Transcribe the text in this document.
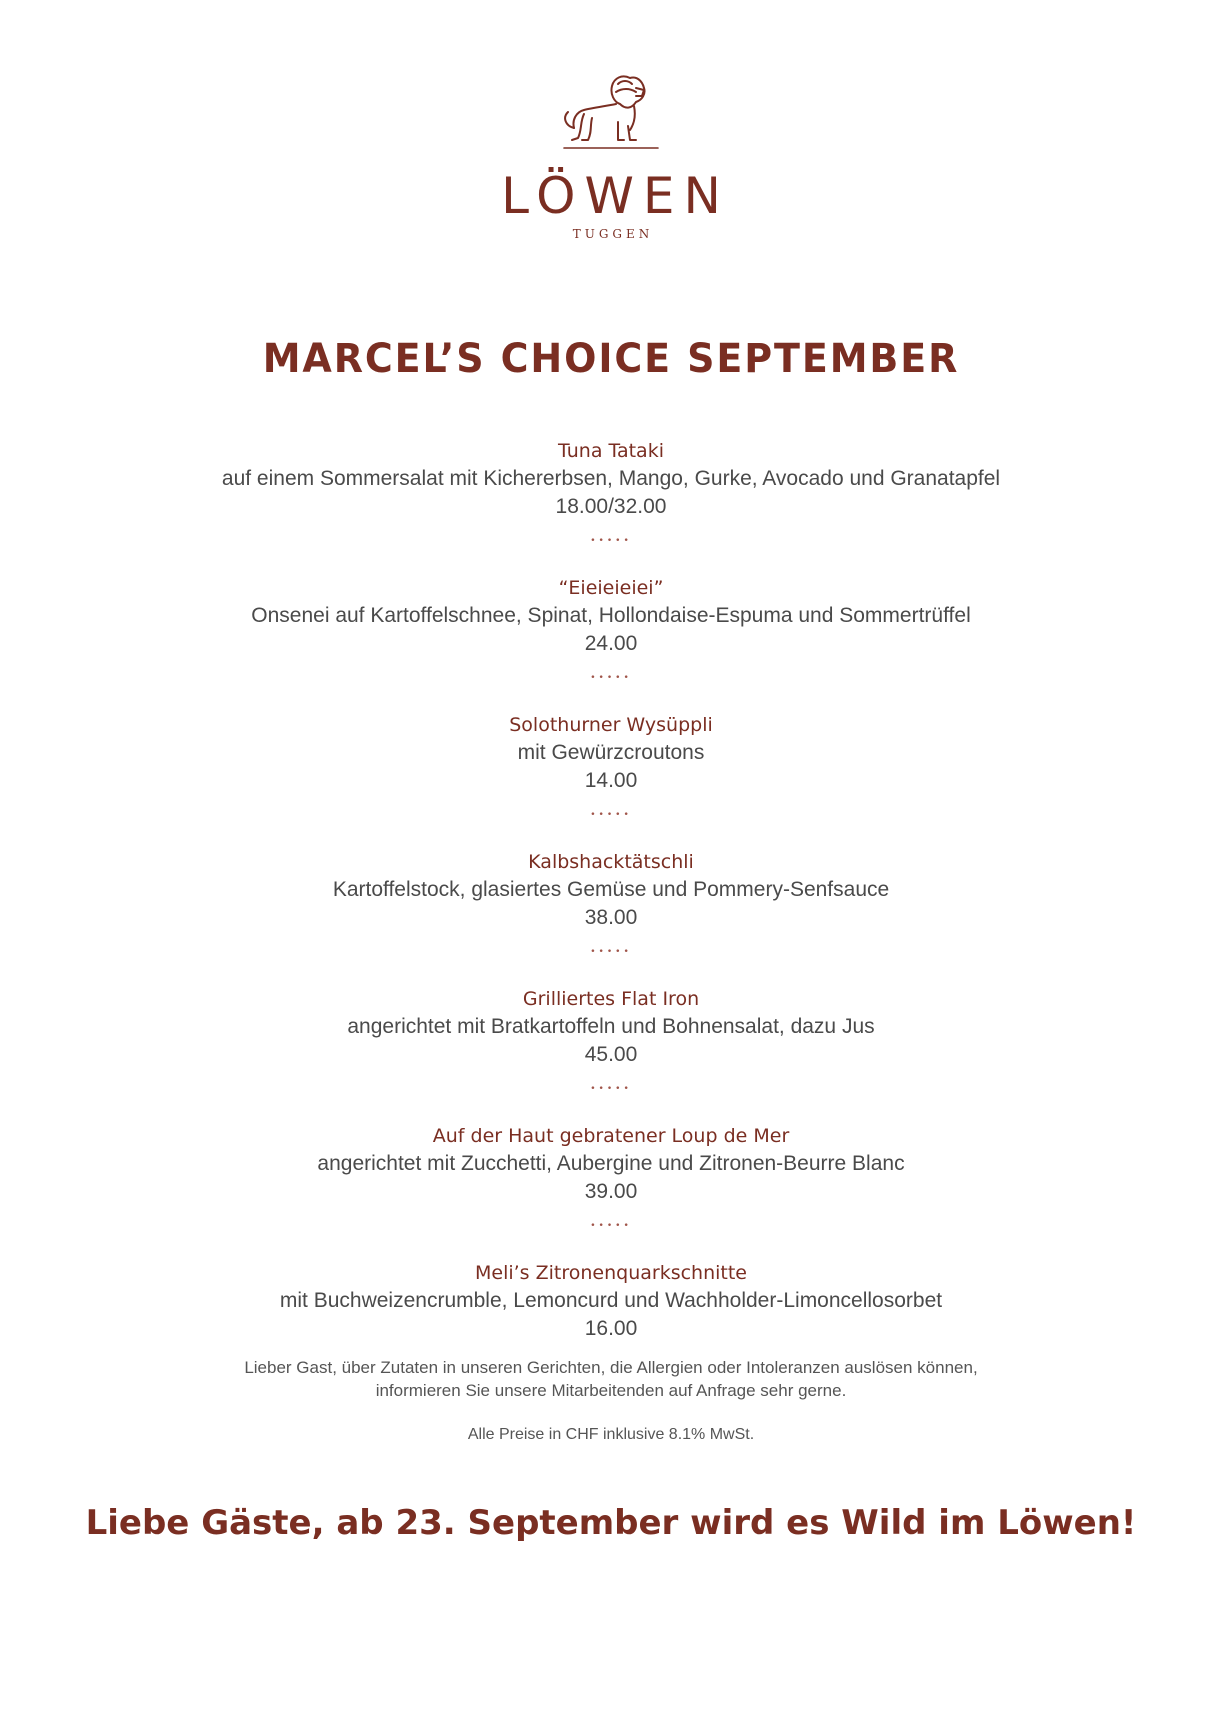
LÖWEN
TUGGEN
MARCEL’S CHOICE SEPTEMBER
Tuna Tataki
auf einem Sommersalat mit Kichererbsen, Mango, Gurke, Avocado und Granatapfel
18.00/32.00
•••••
“Eieieieiei”
Onsenei auf Kartoffelschnee, Spinat, Hollondaise-Espuma und Sommertrüffel
24.00
•••••
Solothurner Wysüppli
mit Gewürzcroutons
14.00
•••••
Kalbshacktätschli
Kartoffelstock, glasiertes Gemüse und Pommery-Senfsauce
38.00
•••••
Grilliertes Flat Iron
angerichtet mit Bratkartoffeln und Bohnensalat, dazu Jus
45.00
•••••
Auf der Haut gebratener Loup de Mer
angerichtet mit Zucchetti, Aubergine und Zitronen-Beurre Blanc
39.00
•••••
Meli’s Zitronenquarkschnitte
mit Buchweizencrumble, Lemoncurd und Wachholder-Limoncellosorbet
16.00
Lieber Gast, über Zutaten in unseren Gerichten, die Allergien oder Intoleranzen auslösen können,
informieren Sie unsere Mitarbeitenden auf Anfrage sehr gerne.
Alle Preise in CHF inklusive 8.1% MwSt.
Liebe Gäste, ab 23. September wird es Wild im Löwen!
